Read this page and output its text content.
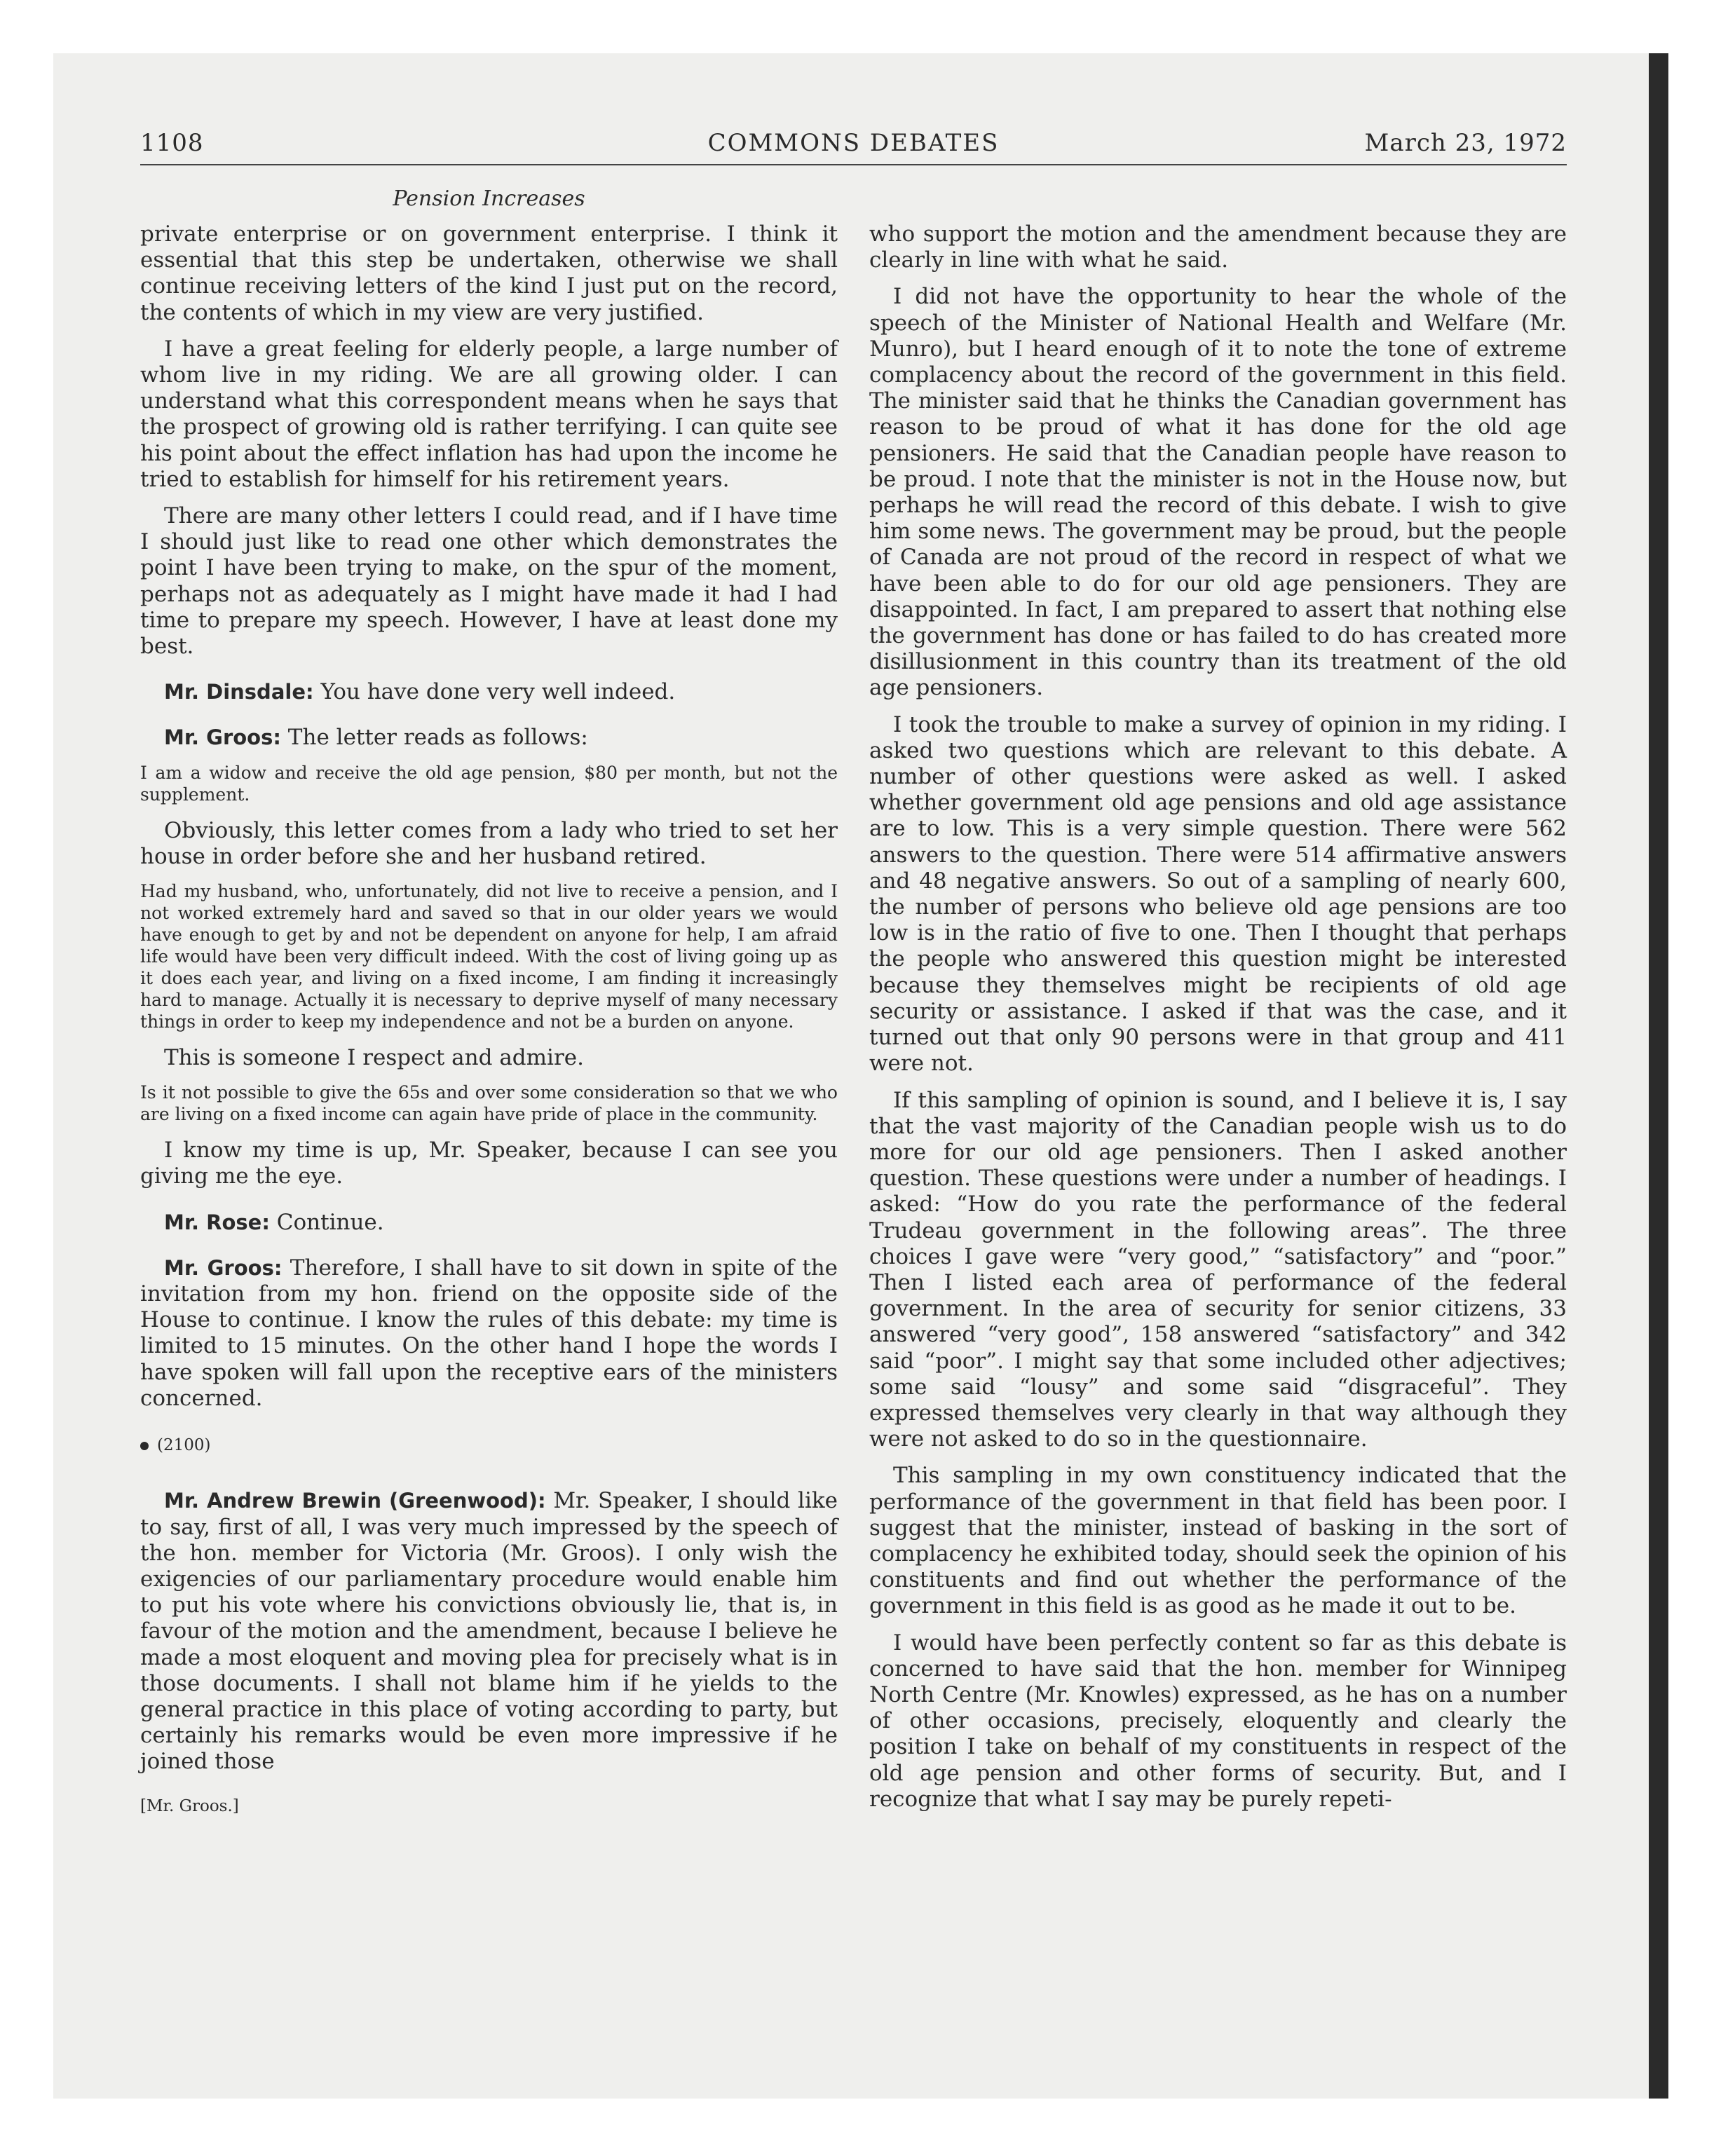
1108	COMMONS DEBATES	March 23, 1972
Pension Increases

private enterprise or on government enterprise. I think it essential that this step be undertaken, otherwise we shall continue receiving letters of the kind I just put on the record, the contents of which in my view are very justified.

I have a great feeling for elderly people, a large number of whom live in my riding. We are all growing older. I can understand what this correspondent means when he says that the prospect of growing old is rather terrifying. I can quite see his point about the effect inflation has had upon the income he tried to establish for himself for his retirement years.

There are many other letters I could read, and if I have time I should just like to read one other which demonstrates the point I have been trying to make, on the spur of the moment, perhaps not as adequately as I might have made it had I had time to prepare my speech. However, I have at least done my best.

Mr. Dinsdale: You have done very well indeed.

Mr. Groos: The letter reads as follows:

I am a widow and receive the old age pension, $80 per month, but not the supplement.

Obviously, this letter comes from a lady who tried to set her house in order before she and her husband retired.

Had my husband, who, unfortunately, did not live to receive a pension, and I not worked extremely hard and saved so that in our older years we would have enough to get by and not be dependent on anyone for help, I am afraid life would have been very difficult indeed. With the cost of living going up as it does each year, and living on a fixed income, I am finding it increasingly hard to manage. Actually it is necessary to deprive myself of many necessary things in order to keep my independence and not be a burden on anyone.

This is someone I respect and admire.

Is it not possible to give the 65s and over some consideration so that we who are living on a fixed income can again have pride of place in the community.

I know my time is up, Mr. Speaker, because I can see you giving me the eye.

Mr. Rose: Continue.

Mr. Groos: Therefore, I shall have to sit down in spite of the invitation from my hon. friend on the opposite side of the House to continue. I know the rules of this debate: my time is limited to 15 minutes. On the other hand I hope the words I have spoken will fall upon the receptive ears of the ministers concerned.

(2100)

Mr. Andrew Brewin (Greenwood): Mr. Speaker, I should like to say, first of all, I was very much impressed by the speech of the hon. member for Victoria (Mr. Groos). I only wish the exigencies of our parliamentary procedure would enable him to put his vote where his convictions obviously lie, that is, in favour of the motion and the amendment, because I believe he made a most eloquent and moving plea for precisely what is in those documents. I shall not blame him if he yields to the general practice in this place of voting according to party, but certainly his remarks would be even more impressive if he joined those

[Mr. Groos.]

who support the motion and the amendment because they are clearly in line with what he said.

I did not have the opportunity to hear the whole of the speech of the Minister of National Health and Welfare (Mr. Munro), but I heard enough of it to note the tone of extreme complacency about the record of the government in this field. The minister said that he thinks the Canadian government has reason to be proud of what it has done for the old age pensioners. He said that the Canadian people have reason to be proud. I note that the minister is not in the House now, but perhaps he will read the record of this debate. I wish to give him some news. The government may be proud, but the people of Canada are not proud of the record in respect of what we have been able to do for our old age pensioners. They are disappointed. In fact, I am prepared to assert that nothing else the government has done or has failed to do has created more disillusionment in this country than its treatment of the old age pensioners.

I took the trouble to make a survey of opinion in my riding. I asked two questions which are relevant to this debate. A number of other questions were asked as well. I asked whether government old age pensions and old age assistance are to low. This is a very simple question. There were 562 answers to the question. There were 514 affirmative answers and 48 negative answers. So out of a sampling of nearly 600, the number of persons who believe old age pensions are too low is in the ratio of five to one. Then I thought that perhaps the people who answered this question might be interested because they themselves might be recipients of old age security or assistance. I asked if that was the case, and it turned out that only 90 persons were in that group and 411 were not.

If this sampling of opinion is sound, and I believe it is, I say that the vast majority of the Canadian people wish us to do more for our old age pensioners. Then I asked another question. These questions were under a number of headings. I asked: “How do you rate the performance of the federal Trudeau government in the following areas”. The three choices I gave were “very good,” “satisfactory” and “poor.” Then I listed each area of performance of the federal government. In the area of security for senior citizens, 33 answered “very good”, 158 answered “satisfactory” and 342 said “poor”. I might say that some included other adjectives; some said “lousy” and some said “disgraceful”. They expressed themselves very clearly in that way although they were not asked to do so in the questionnaire.

This sampling in my own constituency indicated that the performance of the government in that field has been poor. I suggest that the minister, instead of basking in the sort of complacency he exhibited today, should seek the opinion of his constituents and find out whether the performance of the government in this field is as good as he made it out to be.

I would have been perfectly content so far as this debate is concerned to have said that the hon. member for Winnipeg North Centre (Mr. Knowles) expressed, as he has on a number of other occasions, precisely, eloquently and clearly the position I take on behalf of my constituents in respect of the old age pension and other forms of security. But, and I recognize that what I say may be purely repeti-
